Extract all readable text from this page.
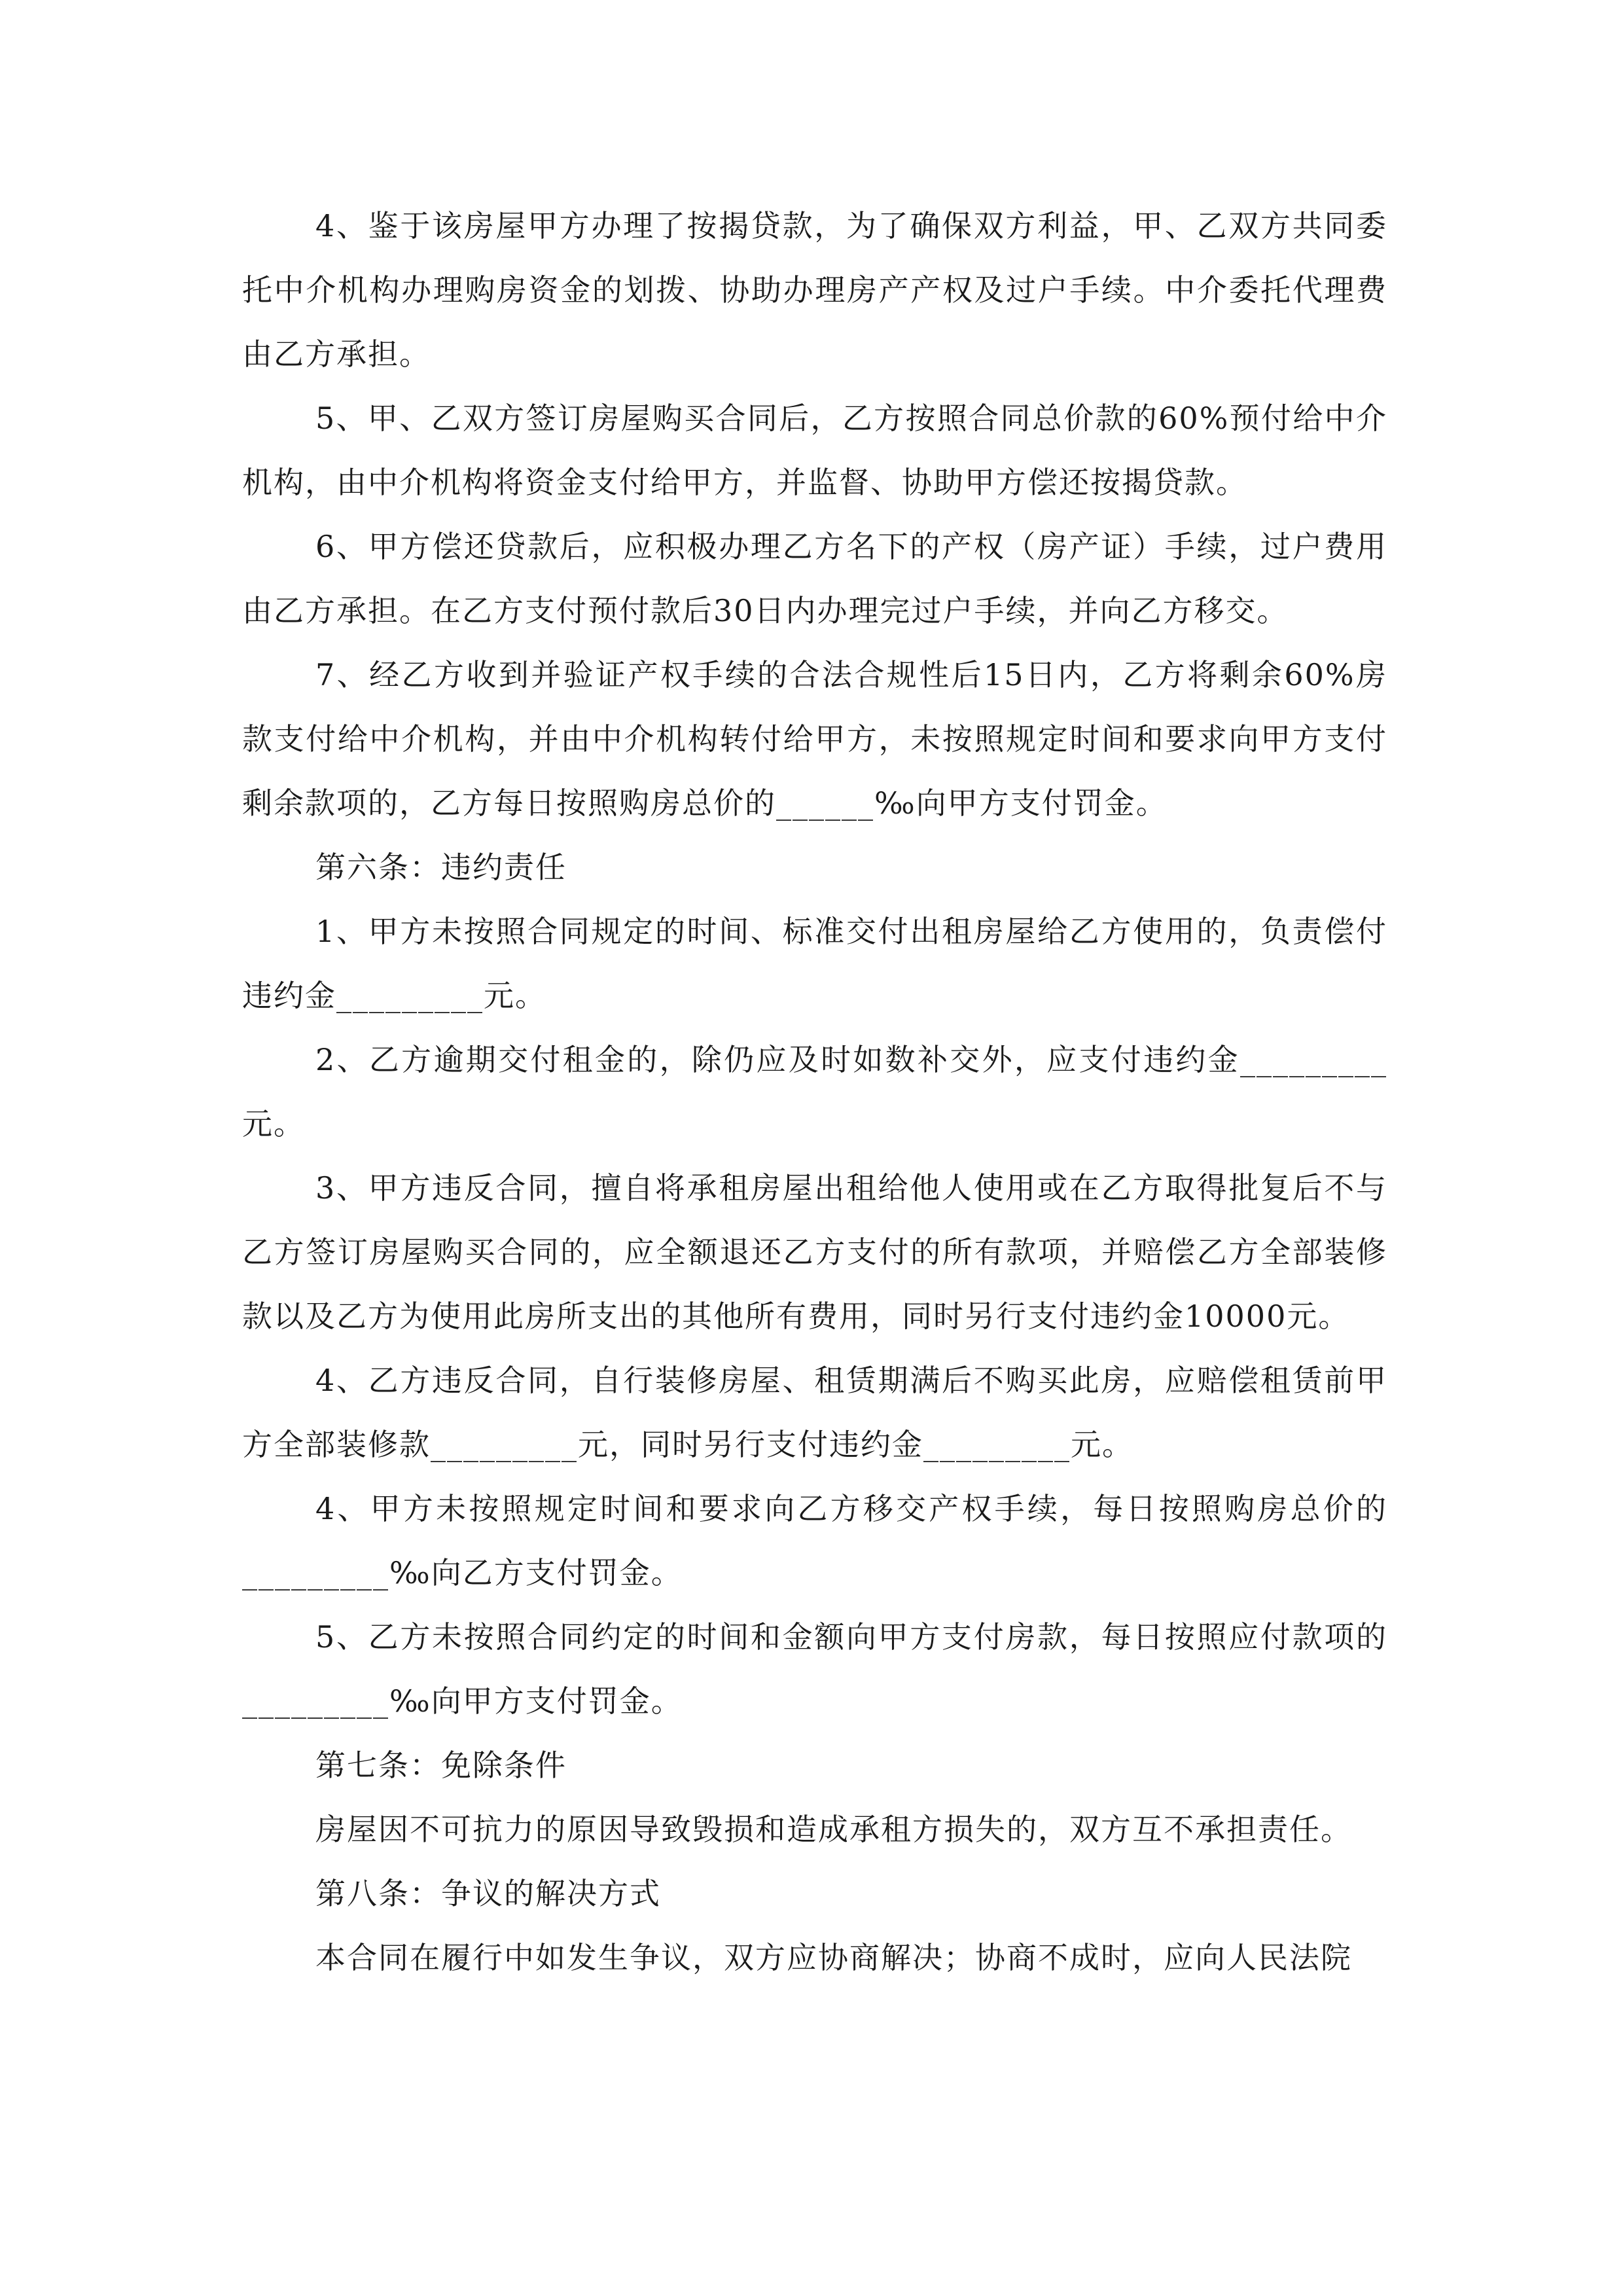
4、鉴于该房屋甲方办理了按揭贷款，为了确保双方利益，甲、乙双方共同委托中介机构办理购房资金的划拨、协助办理房产产权及过户手续。中介委托代理费由乙方承担。

5、甲、乙双方签订房屋购买合同后，乙方按照合同总价款的60%预付给中介机构，由中介机构将资金支付给甲方，并监督、协助甲方偿还按揭贷款。

6、甲方偿还贷款后，应积极办理乙方名下的产权（房产证）手续，过户费用由乙方承担。在乙方支付预付款后30日内办理完过户手续，并向乙方移交。

7、经乙方收到并验证产权手续的合法合规性后15日内，乙方将剩余60%房款支付给中介机构，并由中介机构转付给甲方，未按照规定时间和要求向甲方支付剩余款项的，乙方每日按照购房总价的______‰向甲方支付罚金。

第六条：违约责任

1、甲方未按照合同规定的时间、标准交付出租房屋给乙方使用的，负责偿付违约金_________元。

2、乙方逾期交付租金的，除仍应及时如数补交外，应支付违约金_________元。

3、甲方违反合同，擅自将承租房屋出租给他人使用或在乙方取得批复后不与乙方签订房屋购买合同的，应全额退还乙方支付的所有款项，并赔偿乙方全部装修款以及乙方为使用此房所支出的其他所有费用，同时另行支付违约金10000元。

4、乙方违反合同，自行装修房屋、租赁期满后不购买此房，应赔偿租赁前甲方全部装修款_________元，同时另行支付违约金_________元。

4、甲方未按照规定时间和要求向乙方移交产权手续，每日按照购房总价的_________‰向乙方支付罚金。

5、乙方未按照合同约定的时间和金额向甲方支付房款，每日按照应付款项的_________‰向甲方支付罚金。

第七条：免除条件

房屋因不可抗力的原因导致毁损和造成承租方损失的，双方互不承担责任。

第八条：争议的解决方式

本合同在履行中如发生争议，双方应协商解决；协商不成时，应向人民法院
